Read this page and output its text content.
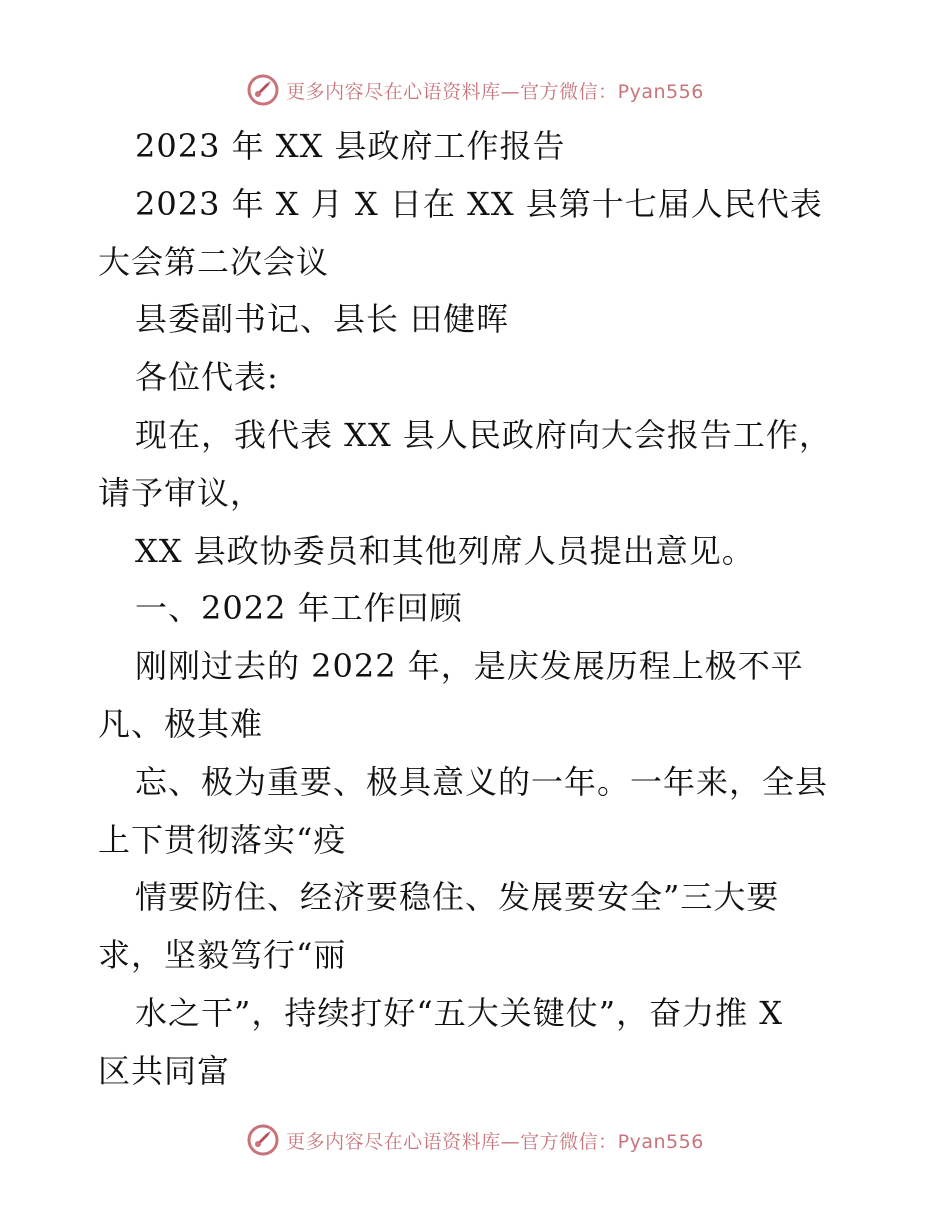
更多内容尽在心语资料库—官方微信：Pyan556
2023 年 XX 县政府工作报告
2023 年 X 月 X 日在 XX 县第十七届人民代表
大会第二次会议
县委副书记、县长 田健晖
各位代表:
现在，我代表 XX 县人民政府向大会报告工作，
请予审议，
XX 县政协委员和其他列席人员提出意见。
一、2022 年工作回顾
刚刚过去的 2022 年，是庆发展历程上极不平
凡、极其难
忘、极为重要、极具意义的一年。一年来，全县
上下贯彻落实“疫
情要防住、经济要稳住、发展要安全”三大要
求，坚毅笃行“丽
水之干”，持续打好“五大关键仗”，奋力推 X
区共同富
更多内容尽在心语资料库—官方微信：Pyan556
